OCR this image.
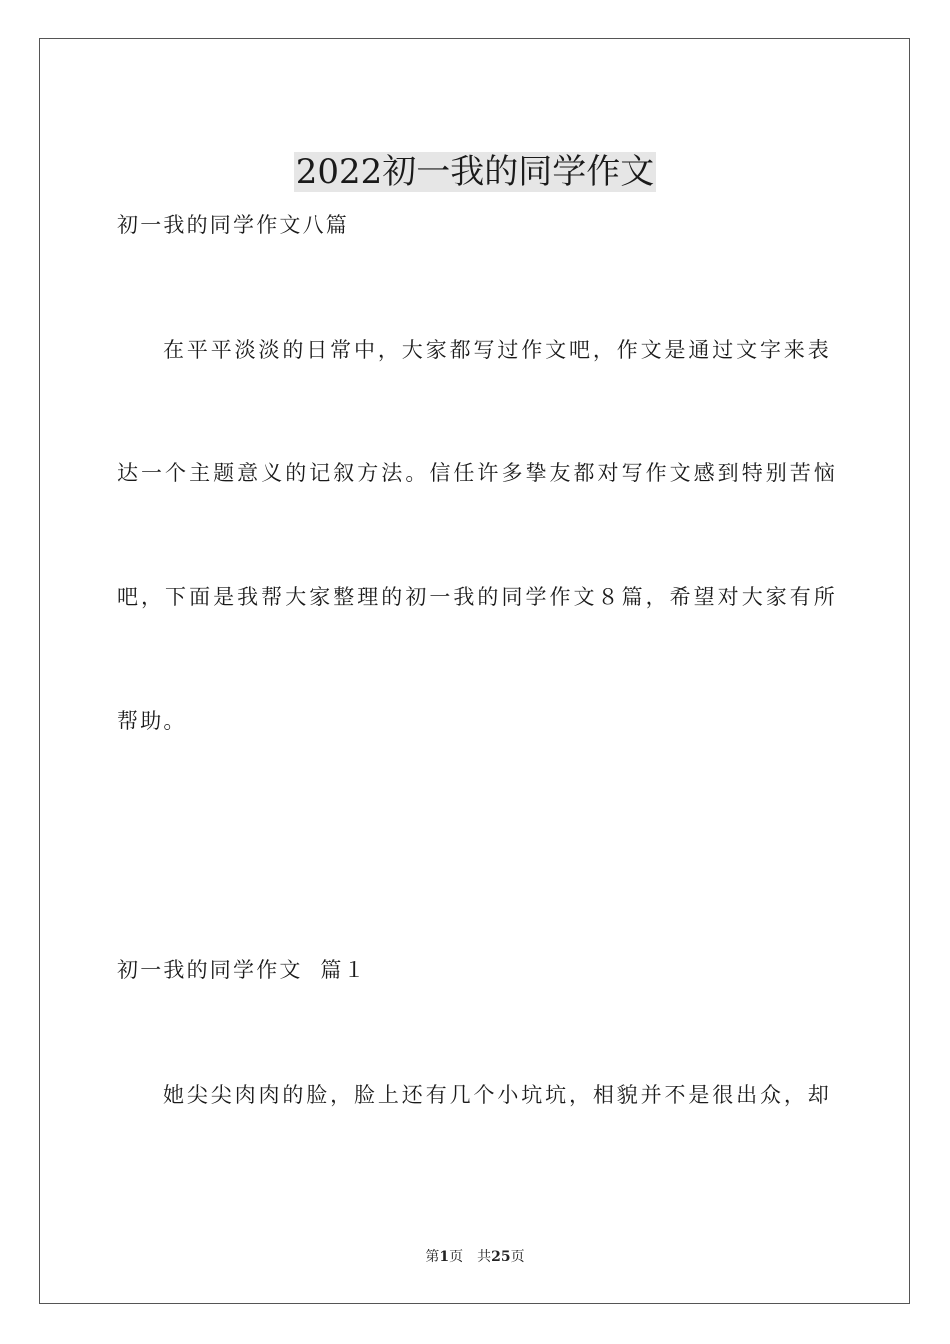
2022初一我的同学作文
初一我的同学作文八篇
在平平淡淡的日常中，大家都写过作文吧，作文是通过文字来表
达一个主题意义的记叙方法。信任许多挚友都对写作文感到特别苦恼
吧，下面是我帮大家整理的初一我的同学作文８篇，希望对大家有所
帮助。
初一我的同学作文  篇１
她尖尖肉肉的脸，脸上还有几个小坑坑，相貌并不是很出众，却
第1页 共25页
